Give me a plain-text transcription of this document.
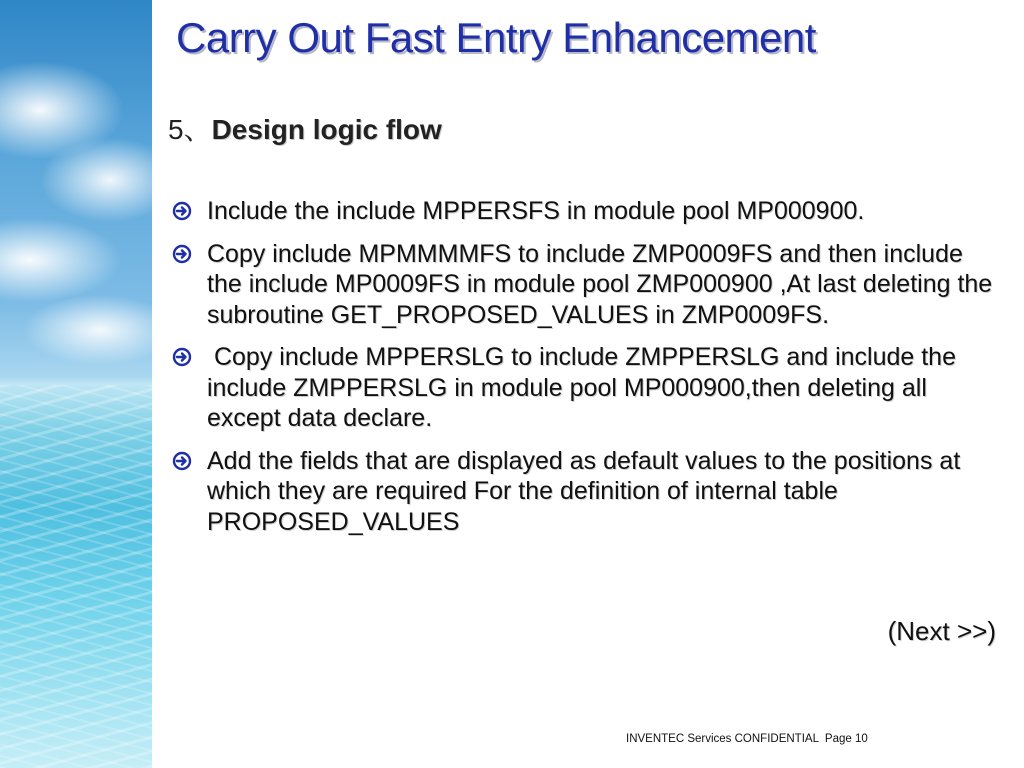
Carry Out Fast Entry Enhancement
5、Design logic flow
Include the include MPPERSFS in module pool MP000900.
Copy include MPMMMMFS to include ZMP0009FS and then include the include MP0009FS in module pool ZMP000900 ,At last deleting the subroutine GET_PROPOSED_VALUES in ZMP0009FS.
Copy include MPPERSLG to include ZMPPERSLG and include the include ZMPPERSLG in module pool MP000900,then deleting all except data declare.
Add the fields that are displayed as default values to the positions at which they are required For the definition of internal table PROPOSED_VALUES
(Next >>)
INVENTEC Services CONFIDENTIAL  Page 10
